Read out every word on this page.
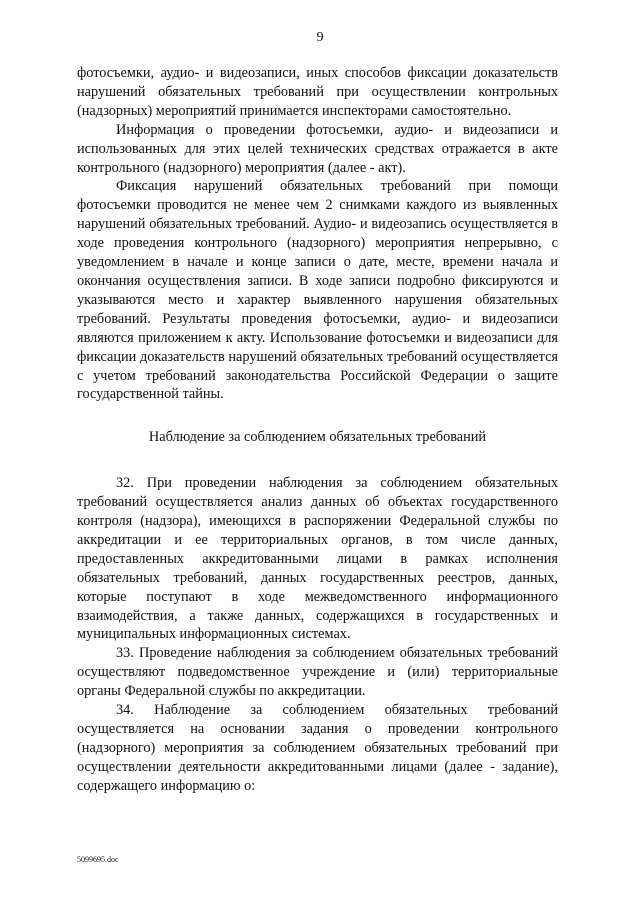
9

фотосъемки, аудио- и видеозаписи, иных способов фиксации доказательств нарушений обязательных требований при осуществлении контрольных (надзорных) мероприятий принимается инспекторами самостоятельно.

Информация о проведении фотосъемки, аудио- и видеозаписи и использованных для этих целей технических средствах отражается в акте контрольного (надзорного) мероприятия (далее - акт).

Фиксация нарушений обязательных требований при помощи фотосъемки проводится не менее чем 2 снимками каждого из выявленных нарушений обязательных требований. Аудио- и видеозапись осуществляется в ходе проведения контрольного (надзорного) мероприятия непрерывно, с уведомлением в начале и конце записи о дате, месте, времени начала и окончания осуществления записи. В ходе записи подробно фиксируются и указываются место и характер выявленного нарушения обязательных требований. Результаты проведения фотосъемки, аудио- и видеозаписи являются приложением к акту. Использование фотосъемки и видеозаписи для фиксации доказательств нарушений обязательных требований осуществляется с учетом требований законодательства Российской Федерации о защите государственной тайны.

Наблюдение за соблюдением обязательных требований

32. При проведении наблюдения за соблюдением обязательных требований осуществляется анализ данных об объектах государственного контроля (надзора), имеющихся в распоряжении Федеральной службы по аккредитации и ее территориальных органов, в том числе данных, предоставленных аккредитованными лицами в рамках исполнения обязательных требований, данных государственных реестров, данных, которые поступают в ходе межведомственного информационного взаимодействия, а также данных, содержащихся в государственных и муниципальных информационных системах.

33. Проведение наблюдения за соблюдением обязательных требований осуществляют подведомственное учреждение и (или) территориальные органы Федеральной службы по аккредитации.

34. Наблюдение за соблюдением обязательных требований осуществляется на основании задания о проведении контрольного (надзорного) мероприятия за соблюдением обязательных требований при осуществлении деятельности аккредитованными лицами (далее - задание), содержащего информацию о:

5099695.doc
